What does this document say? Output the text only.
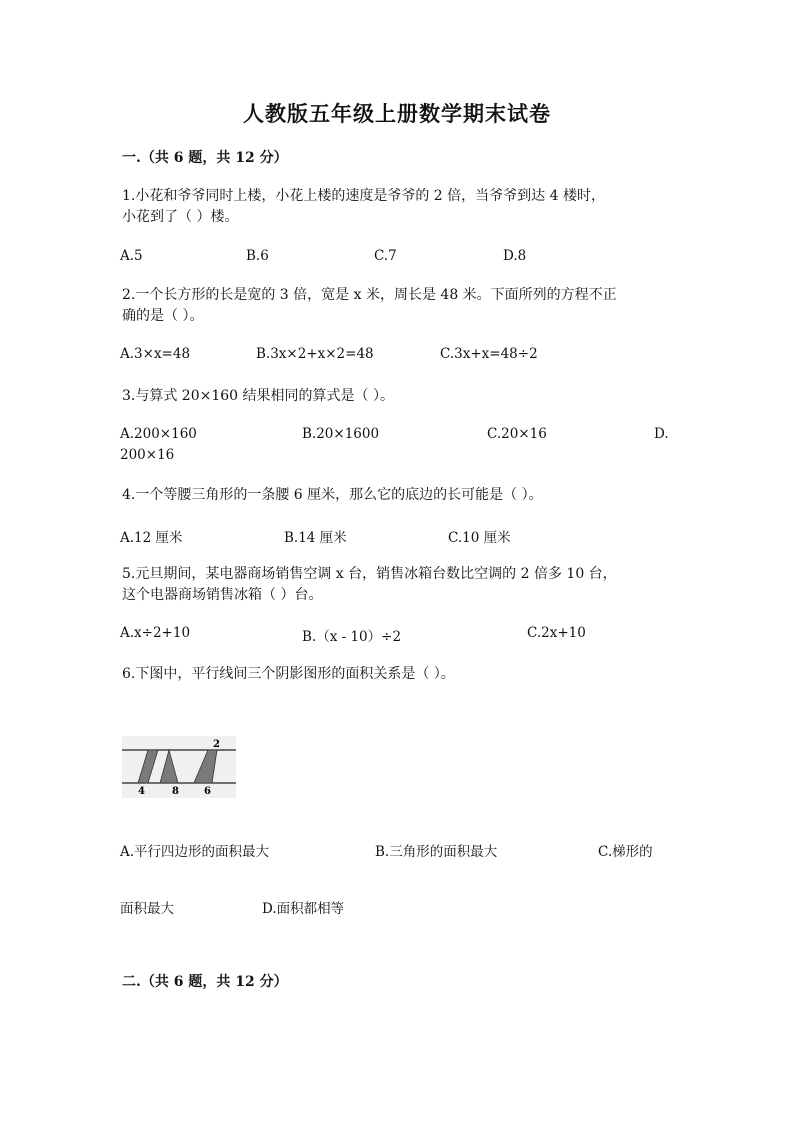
人教版五年级上册数学期末试卷
一.（共 6 题，共 12 分）
1.小花和爷爷同时上楼，小花上楼的速度是爷爷的 2 倍，当爷爷到达 4 楼时，
小花到了（ ）楼。
A.5	B.6	C.7	D.8
2.一个长方形的长是宽的 3 倍，宽是 x 米，周长是 48 米。下面所列的方程不正
确的是（ ）。
A.3×x=48	B.3x×2+x×2=48	C.3x+x=48÷2
3.与算式 20×160 结果相同的算式是（ ）。
A.200×160	B.20×1600	C.20×16	D.
200×16
4.一个等腰三角形的一条腰 6 厘米，那么它的底边的长可能是（ ）。
A.12 厘米	B.14 厘米	C.10 厘米
5.元旦期间，某电器商场销售空调 x 台，销售冰箱台数比空调的 2 倍多 10 台，
这个电器商场销售冰箱（ ）台。
A.x÷2+10	B.（x - 10）÷2	C.2x+10
6.下图中，平行线间三个阴影图形的面积关系是（ ）。
2
4	8	6
A.平行四边形的面积最大	B.三角形的面积最大	C.梯形的
面积最大	D.面积都相等
二.（共 6 题，共 12 分）
